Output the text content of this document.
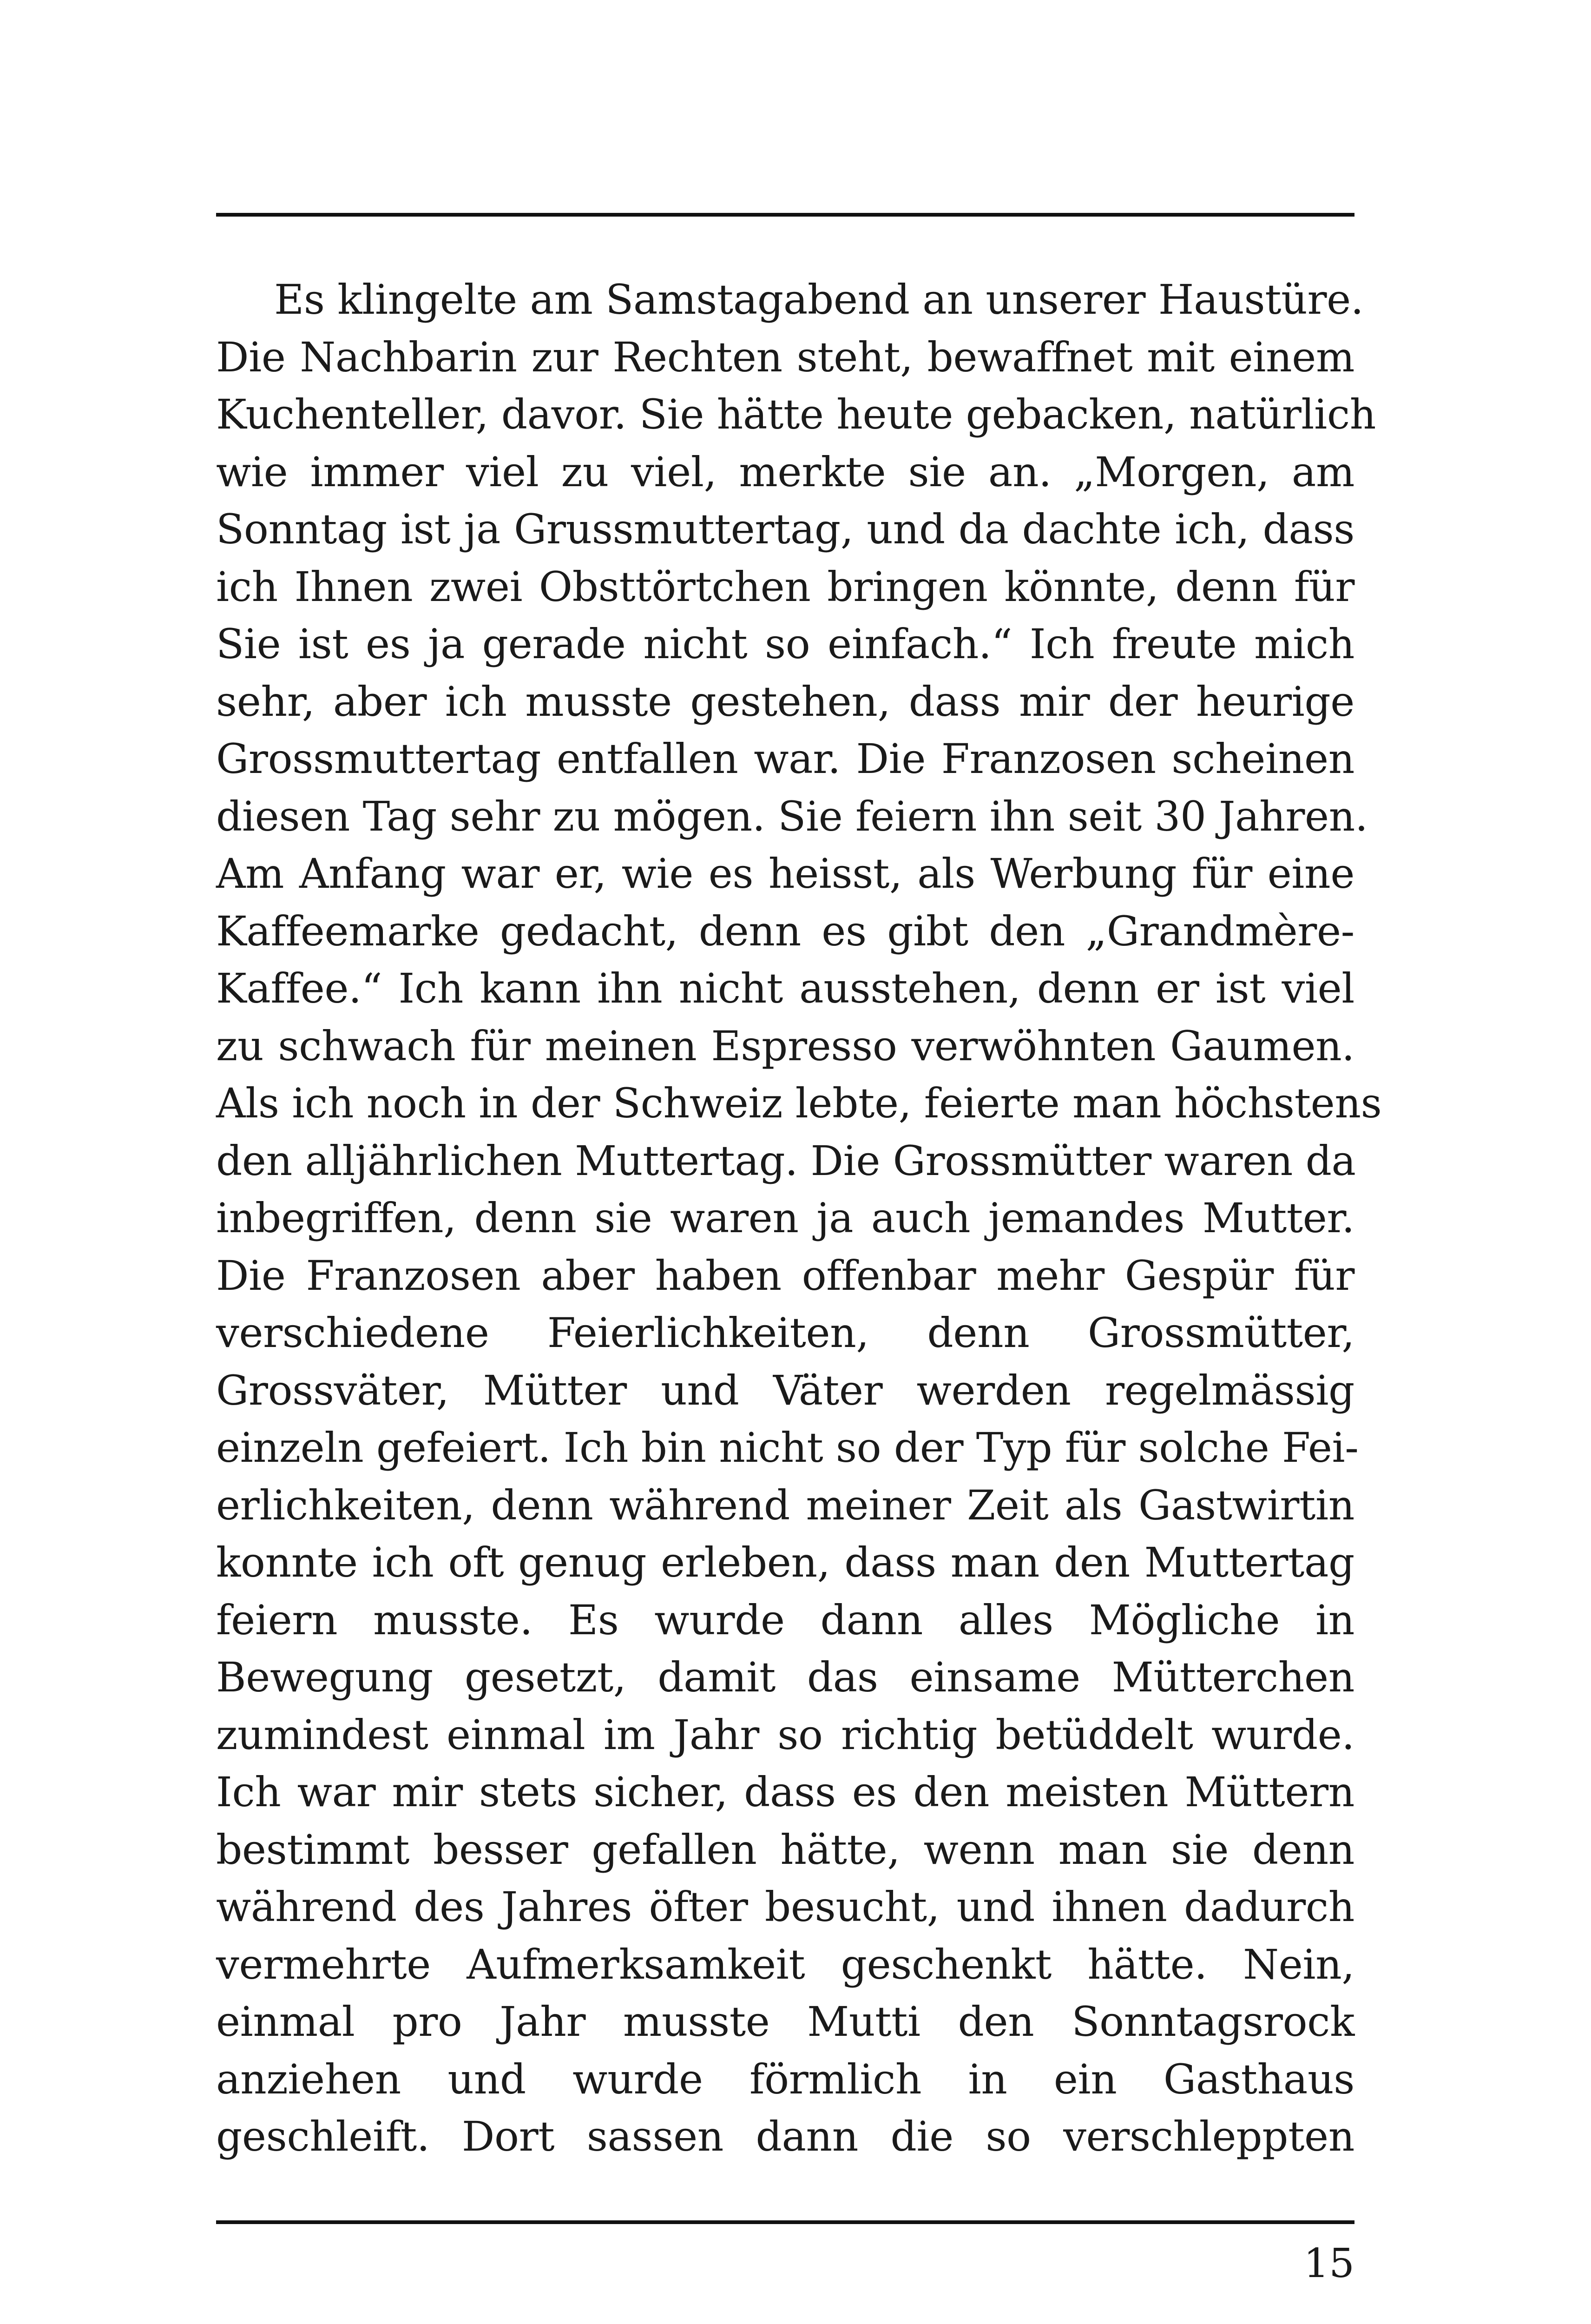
Es klingelte am Samstagabend an unserer Haustüre.
Die Nachbarin zur Rechten steht, bewaffnet mit einem
Kuchenteller, davor. Sie hätte heute gebacken, natürlich
wie immer viel zu viel, merkte sie an. „Morgen, am
Sonntag ist ja Grussmuttertag, und da dachte ich, dass
ich Ihnen zwei Obsttörtchen bringen könnte, denn für
Sie ist es ja gerade nicht so einfach.“ Ich freute mich
sehr, aber ich musste gestehen, dass mir der heurige
Grossmuttertag entfallen war. Die Franzosen scheinen
diesen Tag sehr zu mögen. Sie feiern ihn seit 30 Jahren.
Am Anfang war er, wie es heisst, als Werbung für eine
Kaffeemarke gedacht, denn es gibt den „Grandmère-
Kaffee.“ Ich kann ihn nicht ausstehen, denn er ist viel
zu schwach für meinen Espresso verwöhnten Gaumen.
Als ich noch in der Schweiz lebte, feierte man höchstens
den alljährlichen Muttertag. Die Grossmütter waren da
inbegriffen, denn sie waren ja auch jemandes Mutter.
Die Franzosen aber haben offenbar mehr Gespür für
verschiedene Feierlichkeiten, denn Grossmütter,
Grossväter, Mütter und Väter werden regelmässig
einzeln gefeiert. Ich bin nicht so der Typ für solche Fei-
erlichkeiten, denn während meiner Zeit als Gastwirtin
konnte ich oft genug erleben, dass man den Muttertag
feiern musste. Es wurde dann alles Mögliche in
Bewegung gesetzt, damit das einsame Mütterchen
zumindest einmal im Jahr so richtig betüddelt wurde.
Ich war mir stets sicher, dass es den meisten Müttern
bestimmt besser gefallen hätte, wenn man sie denn
während des Jahres öfter besucht, und ihnen dadurch
vermehrte Aufmerksamkeit geschenkt hätte. Nein,
einmal pro Jahr musste Mutti den Sonntagsrock
anziehen und wurde förmlich in ein Gasthaus
geschleift. Dort sassen dann die so verschleppten
15
